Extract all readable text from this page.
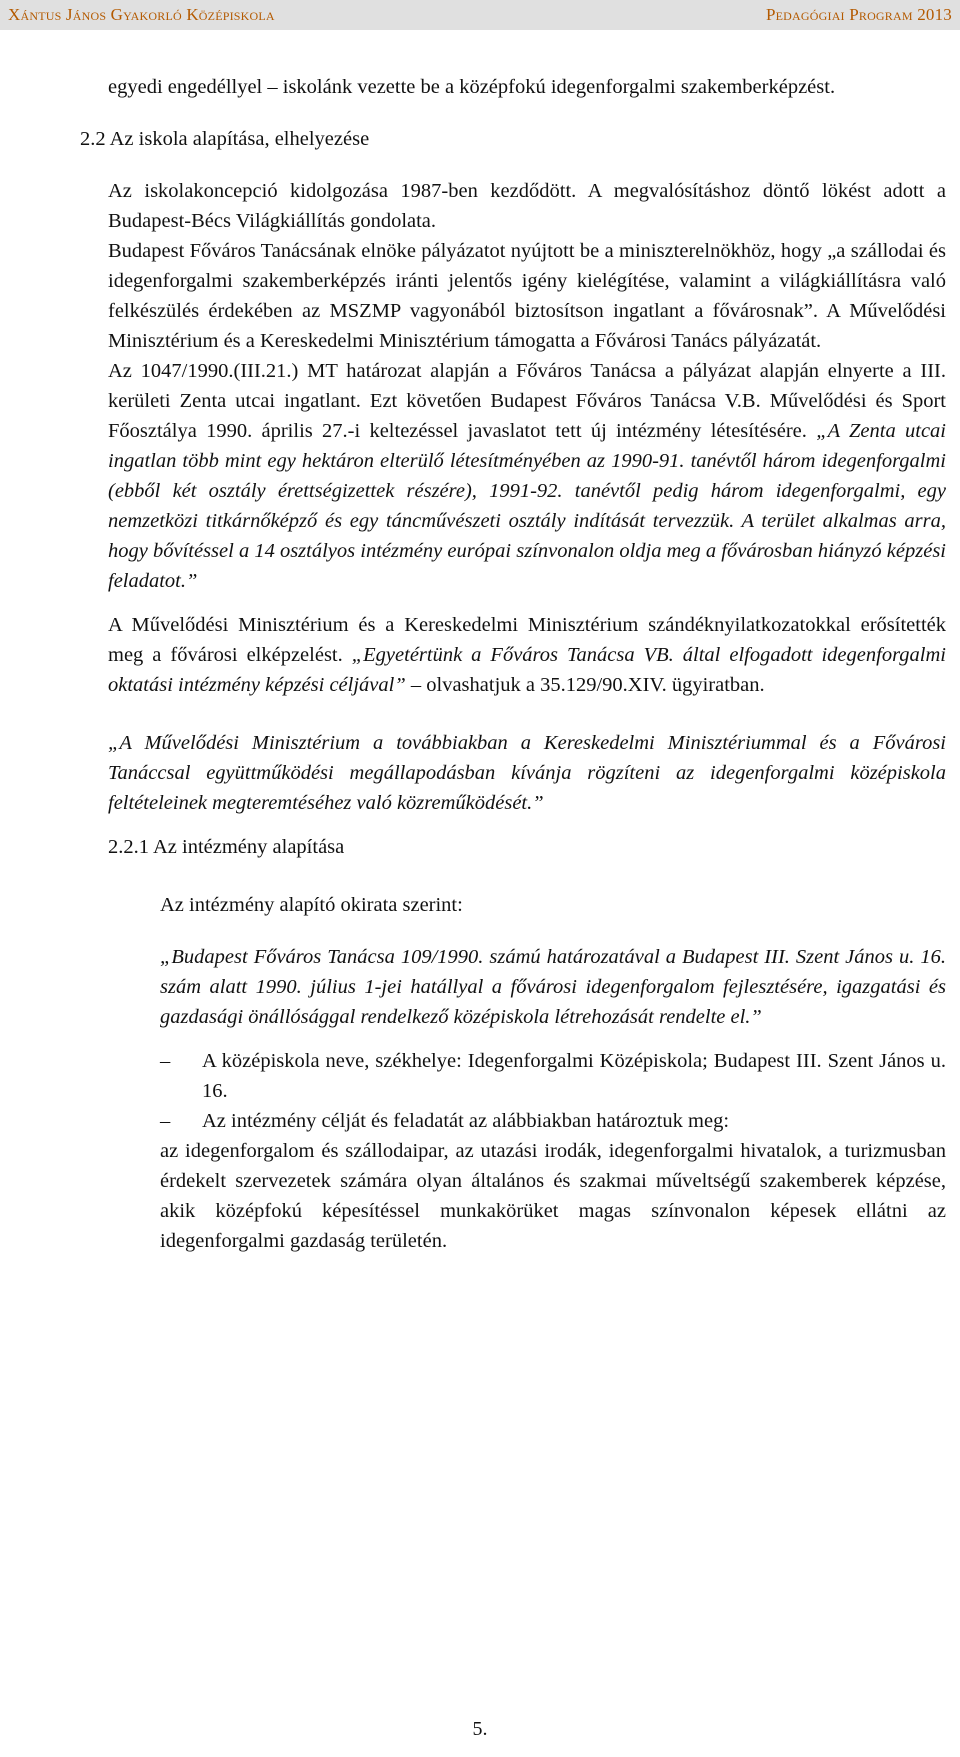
Xántus János Gyakorló Középiskola	Pedagógiai Program 2013

egyedi engedéllyel – iskolánk vezette be a középfokú idegenforgalmi szakemberképzést.

2.2 Az iskola alapítása, elhelyezése

Az iskolakoncepció kidolgozása 1987-ben kezdődött. A megvalósításhoz döntő lökést adott a Budapest-Bécs Világkiállítás gondolata.

Budapest Főváros Tanácsának elnöke pályázatot nyújtott be a miniszterelnökhöz, hogy „a szállodai és idegenforgalmi szakemberképzés iránti jelentős igény kielégítése, valamint a világkiállításra való felkészülés érdekében az MSZMP vagyonából biztosítson ingatlant a fővárosnak”. A Művelődési Minisztérium és a Kereskedelmi Minisztérium támogatta a Fővárosi Tanács pályázatát.

Az 1047/1990.(III.21.) MT határozat alapján a Főváros Tanácsa a pályázat alapján elnyerte a III. kerületi Zenta utcai ingatlant. Ezt követően Budapest Főváros Tanácsa V.B. Művelődési és Sport Főosztálya 1990. április 27.-i keltezéssel javaslatot tett új intézmény létesítésére. „A Zenta utcai ingatlan több mint egy hektáron elterülő létesítményében az 1990-91. tanévtől három idegenforgalmi (ebből két osztály érettségizettek részére), 1991-92. tanévtől pedig három idegenforgalmi, egy nemzetközi titkárnőképző és egy táncművészeti osztály indítását tervezzük. A terület alkalmas arra, hogy bővítéssel a 14 osztályos intézmény európai színvonalon oldja meg a fővárosban hiányzó képzési feladatot.”

A Művelődési Minisztérium és a Kereskedelmi Minisztérium szándéknyilatkozatokkal erősítették meg a fővárosi elképzelést. „Egyetértünk a Főváros Tanácsa VB. által elfogadott idegenforgalmi oktatási intézmény képzési céljával” – olvashatjuk a 35.129/90.XIV. ügyiratban.

„A Művelődési Minisztérium a továbbiakban a Kereskedelmi Minisztériummal és a Fővárosi Tanáccsal együttműködési megállapodásban kívánja rögzíteni az idegenforgalmi középiskola feltételeinek megteremtéséhez való közreműködését.”

2.2.1 Az intézmény alapítása

Az intézmény alapító okirata szerint:

„Budapest Főváros Tanácsa 109/1990. számú határozatával a Budapest III. Szent János u. 16. szám alatt 1990. július 1-jei hatállyal a fővárosi idegenforgalom fejlesztésére, igazgatási és gazdasági önállósággal rendelkező középiskola létrehozását rendelte el.”

– A középiskola neve, székhelye: Idegenforgalmi Középiskola; Budapest III. Szent János u. 16.

– Az intézmény célját és feladatát az alábbiakban határoztuk meg:

az idegenforgalom és szállodaipar, az utazási irodák, idegenforgalmi hivatalok, a turizmusban érdekelt szervezetek számára olyan általános és szakmai műveltségű szakemberek képzése, akik középfokú képesítéssel munkakörüket magas színvonalon képesek ellátni az idegenforgalmi gazdaság területén.

5.
